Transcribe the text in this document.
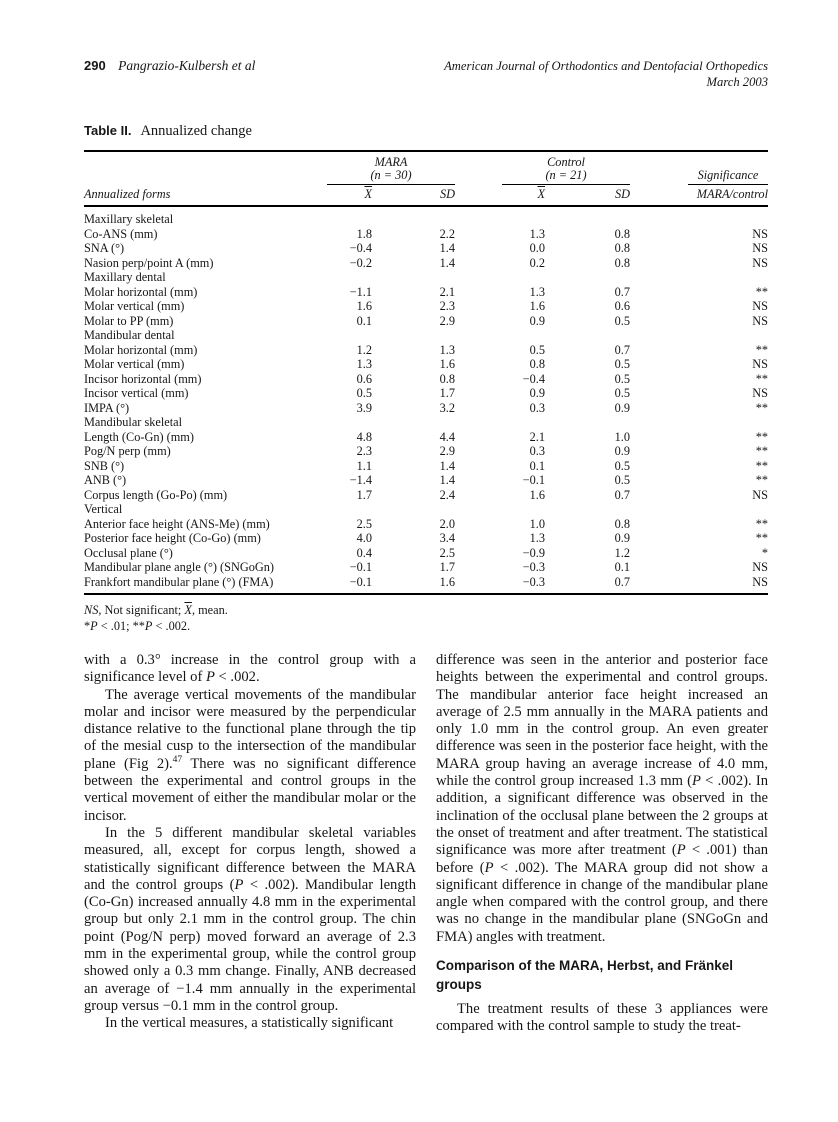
290 Pangrazio-Kulbersh et al	American Journal of Orthodontics and Dentofacial Orthopedics
March 2003
Table II. Annualized change

	MARA
(n = 30)		Control
(n = 21)		Significance

Annualized forms	$\overline{X}$	SD	$\overline{X}$	SD	MARA/control
Maxillary skeletal					
Co-ANS (mm)	1.8	2.2	1.3	0.8	NS
SNA (°)	−0.4	1.4	0.0	0.8	NS
Nasion perp/point A (mm)	−0.2	1.4	0.2	0.8	NS
Maxillary dental					
Molar horizontal (mm)	−1.1	2.1	1.3	0.7	**
Molar vertical (mm)	1.6	2.3	1.6	0.6	NS
Molar to PP (mm)	0.1	2.9	0.9	0.5	NS
Mandibular dental					
Molar horizontal (mm)	1.2	1.3	0.5	0.7	**
Molar vertical (mm)	1.3	1.6	0.8	0.5	NS
Incisor horizontal (mm)	0.6	0.8	−0.4	0.5	**
Incisor vertical (mm)	0.5	1.7	0.9	0.5	NS
IMPA (°)	3.9	3.2	0.3	0.9	**
Mandibular skeletal					
Length (Co-Gn) (mm)	4.8	4.4	2.1	1.0	**
Pog/N perp (mm)	2.3	2.9	0.3	0.9	**
SNB (°)	1.1	1.4	0.1	0.5	**
ANB (°)	−1.4	1.4	−0.1	0.5	**
Corpus length (Go-Po) (mm)	1.7	2.4	1.6	0.7	NS
Vertical					
Anterior face height (ANS-Me) (mm)	2.5	2.0	1.0	0.8	**
Posterior face height (Co-Go) (mm)	4.0	3.4	1.3	0.9	**
Occlusal plane (°)	0.4	2.5	−0.9	1.2	*
Mandibular plane angle (°) (SNGoGn)	−0.1	1.7	−0.3	0.1	NS
Frankfort mandibular plane (°) (FMA)	−0.1	1.6	−0.3	0.7	NS

NS, Not significant; $\overline{X}$, mean.

*P < .01; **P < .002.

with a 0.3° increase in the control group with a significance level of P < .002.

The average vertical movements of the mandibular molar and incisor were measured by the perpendicular distance relative to the functional plane through the tip of the mesial cusp to the intersection of the mandibular plane (Fig 2).$^{47}$ There was no significant difference between the experimental and control groups in the vertical movement of either the mandibular molar or the incisor.

In the 5 different mandibular skeletal variables measured, all, except for corpus length, showed a statistically significant difference between the MARA and the control groups (P < .002). Mandibular length (Co-Gn) increased annually 4.8 mm in the experimental group but only 2.1 mm in the control group. The chin point (Pog/N perp) moved forward an average of 2.3 mm in the experimental group, while the control group showed only a 0.3 mm change. Finally, ANB decreased an average of −1.4 mm annually in the experimental group versus −0.1 mm in the control group.

In the vertical measures, a statistically significant

difference was seen in the anterior and posterior face heights between the experimental and control groups. The mandibular anterior face height increased an average of 2.5 mm annually in the MARA patients and only 1.0 mm in the control group. An even greater difference was seen in the posterior face height, with the MARA group having an average increase of 4.0 mm, while the control group increased 1.3 mm (P < .002). In addition, a significant difference was observed in the inclination of the occlusal plane between the 2 groups at the onset of treatment and after treatment. The statistical significance was more after treatment (P < .001) than before (P < .002). The MARA group did not show a significant difference in change of the mandibular plane angle when compared with the control group, and there was no change in the mandibular plane (SNGoGn and FMA) angles with treatment.

Comparison of the MARA, Herbst, and Fränkel groups

The treatment results of these 3 appliances were compared with the control sample to study the treat-
